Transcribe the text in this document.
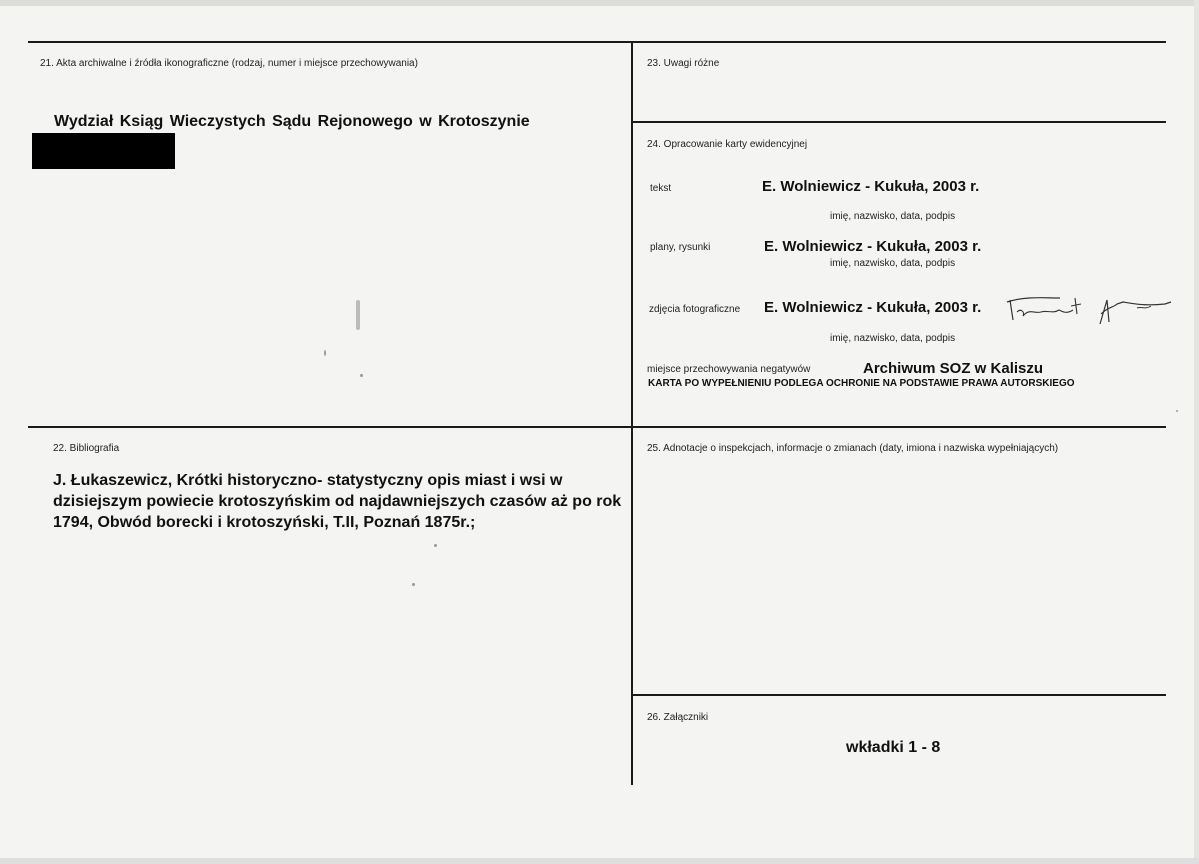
21. Akta archiwalne i źródła ikonograficzne (rodzaj, numer i miejsce przechowywania)
Wydział Ksiąg Wieczystych Sądu Rejonowego w Krotoszynie
22. Bibliografia
J. Łukaszewicz, Krótki historyczno- statystyczny opis miast i wsi w dzisiejszym powiecie krotoszyńskim od najdawniejszych czasów aż po rok 1794, Obwód borecki i krotoszyński, T.II, Poznań 1875r.;
23. Uwagi różne
24. Opracowanie karty ewidencyjnej
tekst	E. Wolniewicz - Kukuła, 2003 r.
imię, nazwisko, data, podpis
plany, rysunki	E. Wolniewicz - Kukuła, 2003 r.
imię, nazwisko, data, podpis
zdjęcia fotograficzne E. Wolniewicz - Kukuła, 2003 r.
imię, nazwisko, data, podpis
miejsce przechowywania negatywów	Archiwum SOZ w Kaliszu
KARTA PO WYPEŁNIENIU PODLEGA OCHRONIE NA PODSTAWIE PRAWA AUTORSKIEGO
25. Adnotacje o inspekcjach, informacje o zmianach (daty, imiona i nazwiska wypełniających)
26. Załączniki
wkładki 1 - 8
